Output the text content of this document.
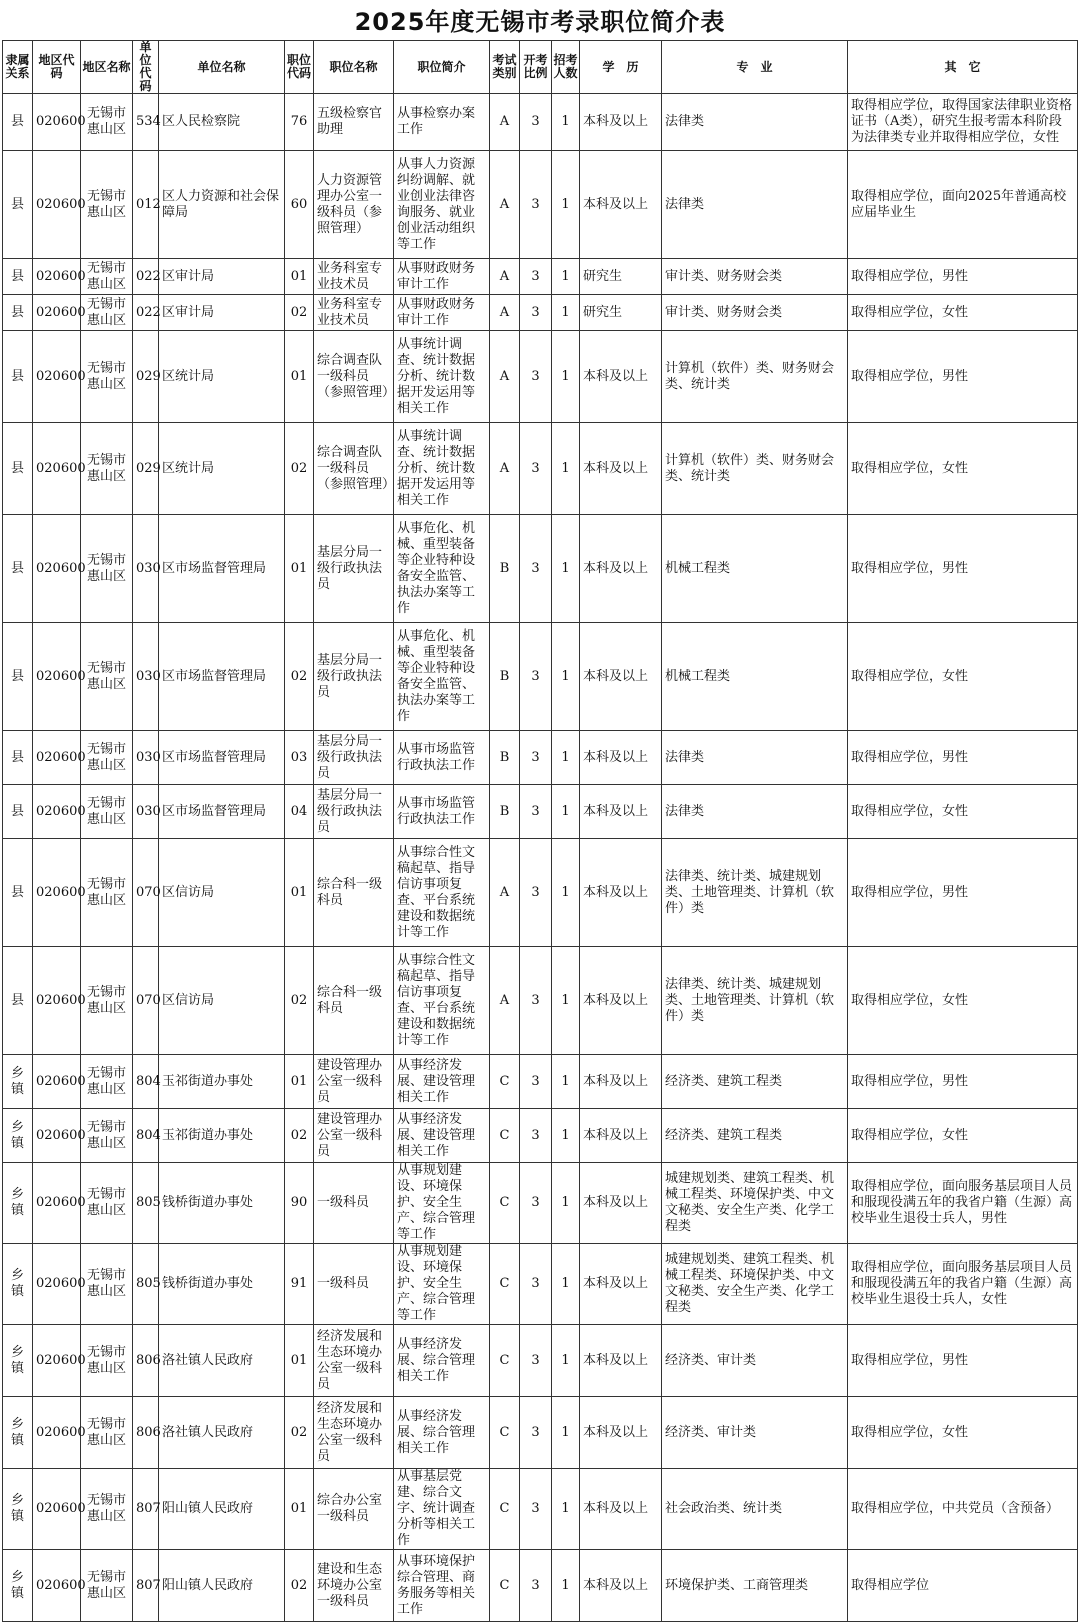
2025年度无锡市考录职位简介表
隶属关系	地区代码	地区名称	单位代码	单位名称	职位代码	职位名称	职位简介	考试类别	开考比例	招考人数	学　历	专　业	其　它
县	020600	无锡市惠山区	534	区人民检察院	76	五级检察官助理	从事检察办案工作	A	3	1	本科及以上	法律类	取得相应学位，取得国家法律职业资格证书（A类），研究生报考需本科阶段为法律类专业并取得相应学位，女性
县	020600	无锡市惠山区	012	区人力资源和社会保障局	60	人力资源管理办公室一级科员（参照管理）	从事人力资源纠纷调解、就业创业法律咨询服务、就业创业活动组织等工作	A	3	1	本科及以上	法律类	取得相应学位，面向2025年普通高校应届毕业生
县	020600	无锡市惠山区	022	区审计局	01	业务科室专业技术员	从事财政财务审计工作	A	3	1	研究生	审计类、财务财会类	取得相应学位，男性
县	020600	无锡市惠山区	022	区审计局	02	业务科室专业技术员	从事财政财务审计工作	A	3	1	研究生	审计类、财务财会类	取得相应学位，女性
县	020600	无锡市惠山区	029	区统计局	01	综合调查队一级科员（参照管理）	从事统计调查、统计数据分析、统计数据开发运用等相关工作	A	3	1	本科及以上	计算机（软件）类、财务财会类、统计类	取得相应学位，男性
县	020600	无锡市惠山区	029	区统计局	02	综合调查队一级科员（参照管理）	从事统计调查、统计数据分析、统计数据开发运用等相关工作	A	3	1	本科及以上	计算机（软件）类、财务财会类、统计类	取得相应学位，女性
县	020600	无锡市惠山区	030	区市场监督管理局	01	基层分局一级行政执法员	从事危化、机械、重型装备等企业特种设备安全监管、执法办案等工作	B	3	1	本科及以上	机械工程类	取得相应学位，男性
县	020600	无锡市惠山区	030	区市场监督管理局	02	基层分局一级行政执法员	从事危化、机械、重型装备等企业特种设备安全监管、执法办案等工作	B	3	1	本科及以上	机械工程类	取得相应学位，女性
县	020600	无锡市惠山区	030	区市场监督管理局	03	基层分局一级行政执法员	从事市场监管行政执法工作	B	3	1	本科及以上	法律类	取得相应学位，男性
县	020600	无锡市惠山区	030	区市场监督管理局	04	基层分局一级行政执法员	从事市场监管行政执法工作	B	3	1	本科及以上	法律类	取得相应学位，女性
县	020600	无锡市惠山区	070	区信访局	01	综合科一级科员	从事综合性文稿起草、指导信访事项复查、平台系统建设和数据统计等工作	A	3	1	本科及以上	法律类、统计类、城建规划类、土地管理类、计算机（软件）类	取得相应学位，男性
县	020600	无锡市惠山区	070	区信访局	02	综合科一级科员	从事综合性文稿起草、指导信访事项复查、平台系统建设和数据统计等工作	A	3	1	本科及以上	法律类、统计类、城建规划类、土地管理类、计算机（软件）类	取得相应学位，女性
乡镇	020600	无锡市惠山区	804	玉祁街道办事处	01	建设管理办公室一级科员	从事经济发展、建设管理相关工作	C	3	1	本科及以上	经济类、建筑工程类	取得相应学位，男性
乡镇	020600	无锡市惠山区	804	玉祁街道办事处	02	建设管理办公室一级科员	从事经济发展、建设管理相关工作	C	3	1	本科及以上	经济类、建筑工程类	取得相应学位，女性
乡镇	020600	无锡市惠山区	805	钱桥街道办事处	90	一级科员	从事规划建设、环境保护、安全生产、综合管理等工作	C	3	1	本科及以上	城建规划类、建筑工程类、机械工程类、环境保护类、中文文秘类、安全生产类、化学工程类	取得相应学位，面向服务基层项目人员和服现役满五年的我省户籍（生源）高校毕业生退役士兵人，男性
乡镇	020600	无锡市惠山区	805	钱桥街道办事处	91	一级科员	从事规划建设、环境保护、安全生产、综合管理等工作	C	3	1	本科及以上	城建规划类、建筑工程类、机械工程类、环境保护类、中文文秘类、安全生产类、化学工程类	取得相应学位，面向服务基层项目人员和服现役满五年的我省户籍（生源）高校毕业生退役士兵人，女性
乡镇	020600	无锡市惠山区	806	洛社镇人民政府	01	经济发展和生态环境办公室一级科员	从事经济发展、综合管理相关工作	C	3	1	本科及以上	经济类、审计类	取得相应学位，男性
乡镇	020600	无锡市惠山区	806	洛社镇人民政府	02	经济发展和生态环境办公室一级科员	从事经济发展、综合管理相关工作	C	3	1	本科及以上	经济类、审计类	取得相应学位，女性
乡镇	020600	无锡市惠山区	807	阳山镇人民政府	01	综合办公室一级科员	从事基层党建、综合文字、统计调查分析等相关工作	C	3	1	本科及以上	社会政治类、统计类	取得相应学位，中共党员（含预备）
乡镇	020600	无锡市惠山区	807	阳山镇人民政府	02	建设和生态环境办公室一级科员	从事环境保护综合管理、商务服务等相关工作	C	3	1	本科及以上	环境保护类、工商管理类	取得相应学位
